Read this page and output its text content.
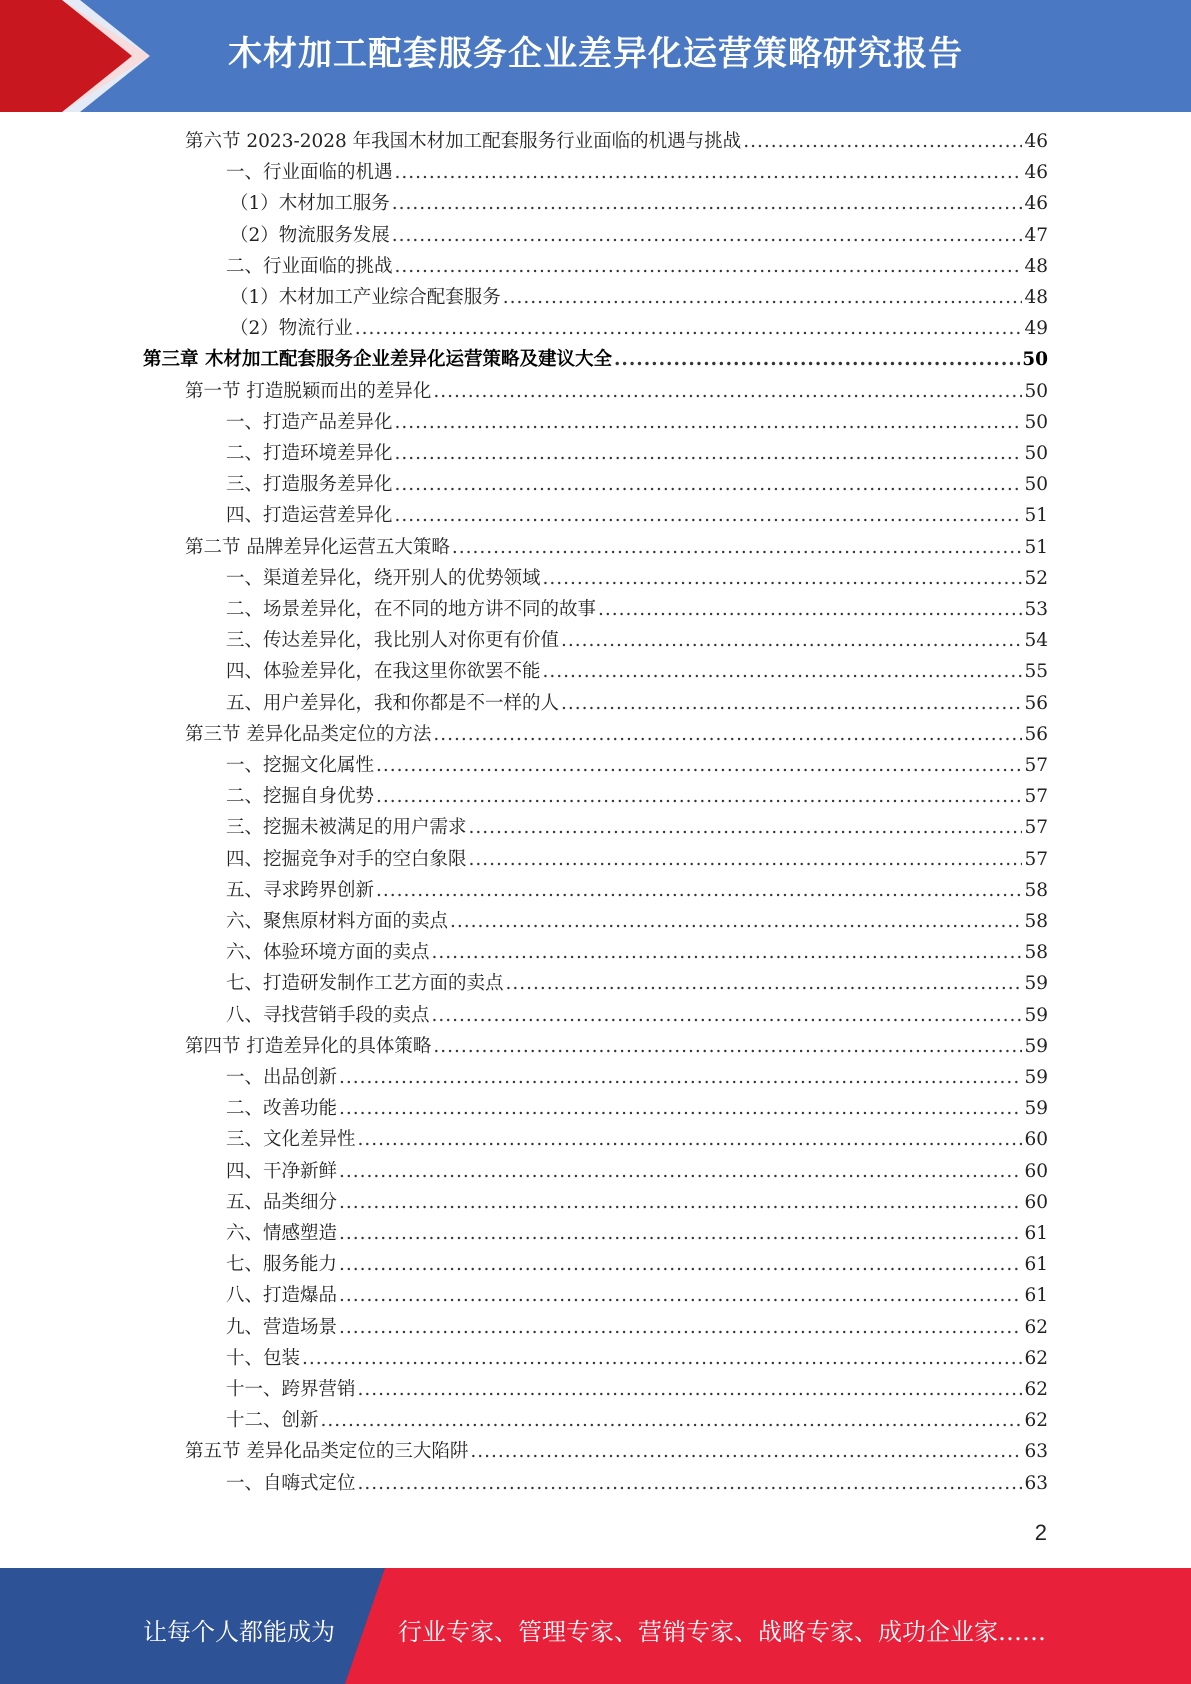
木材加工配套服务企业差异化运营策略研究报告
第六节 2023-2028 年我国木材加工配套服务行业面临的机遇与挑战 .....	46
一、行业面临的机遇 .....	46
（1）木材加工服务 .....	46
（2）物流服务发展 .....	47
二、行业面临的挑战 .....	48
（1）木材加工产业综合配套服务 .....	48
（2）物流行业 .....	49
第三章 木材加工配套服务企业差异化运营策略及建议大全 .....	50
第一节 打造脱颖而出的差异化 .....	50
一、打造产品差异化 .....	50
二、打造环境差异化 .....	50
三、打造服务差异化 .....	50
四、打造运营差异化 .....	51
第二节 品牌差异化运营五大策略 .....	51
一、渠道差异化，绕开别人的优势领域 .....	52
二、场景差异化，在不同的地方讲不同的故事 .....	53
三、传达差异化，我比别人对你更有价值 .....	54
四、体验差异化，在我这里你欲罢不能 .....	55
五、用户差异化，我和你都是不一样的人 .....	56
第三节 差异化品类定位的方法 .....	56
一、挖掘文化属性 .....	57
二、挖掘自身优势 .....	57
三、挖掘未被满足的用户需求 .....	57
四、挖掘竞争对手的空白象限 .....	57
五、寻求跨界创新 .....	58
六、聚焦原材料方面的卖点 .....	58
六、体验环境方面的卖点 .....	58
七、打造研发制作工艺方面的卖点 .....	59
八、寻找营销手段的卖点 .....	59
第四节 打造差异化的具体策略 .....	59
一、出品创新 .....	59
二、改善功能 .....	59
三、文化差异性 .....	60
四、干净新鲜 .....	60
五、品类细分 .....	60
六、情感塑造 .....	61
七、服务能力 .....	61
八、打造爆品 .....	61
九、营造场景 .....	62
十、包装 .....	62
十一、跨界营销 .....	62
十二、创新 .....	62
第五节 差异化品类定位的三大陷阱 .....	63
一、自嗨式定位 .....	63
2
让每个人都能成为	行业专家、管理专家、营销专家、战略专家、成功企业家……
